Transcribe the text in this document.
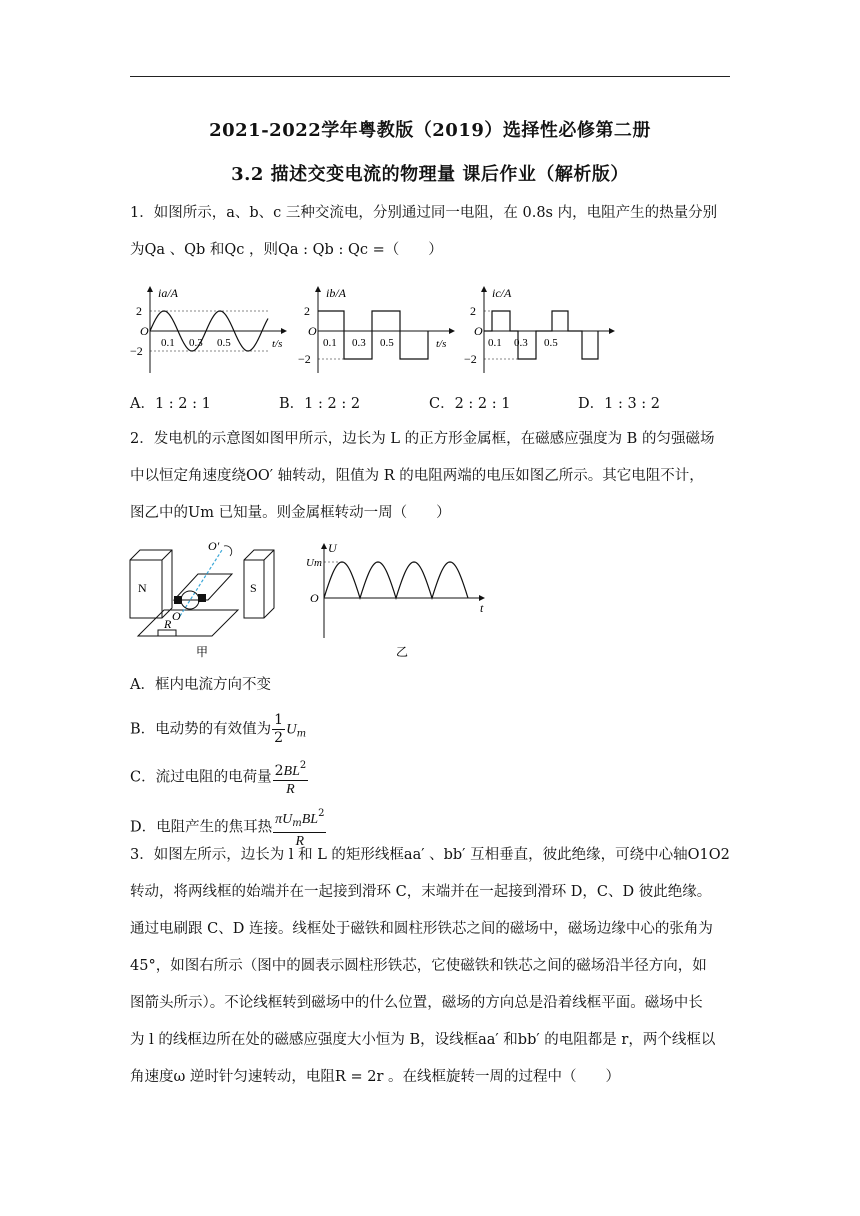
2021-2022学年粤教版（2019）选择性必修第二册
3.2 描述交变电流的物理量 课后作业（解析版）
1．如图所示，a、b、c 三种交流电，分别通过同一电阻，在 0.8s 内，电阻产生的热量分别
为Qa 、Qb 和Qc ，则Qa : Qb : Qc =（　　）
ia/A
2
O
−2
0.1 0.3 0.5	t/s
ib/A
2
O
−2
0.1 0.3 0.5	t/s
ic/A
2
O
−2
0.1 0.3 0.5
A．1 : 2 : 1	B．1 : 2 : 2	C．2 : 2 : 1	D．1 : 3 : 2
2．发电机的示意图如图甲所示，边长为 L 的正方形金属框，在磁感应强度为 B 的匀强磁场
中以恒定角速度绕OO′ 轴转动，阻值为 R 的电阻两端的电压如图乙所示。其它电阻不计，
图乙中的Um 已知量。则金属框转动一周（　　）
N	S
O′
O
R
甲
U
Um
O
t
乙
A．框内电流方向不变
B．电动势的有效值为 $\frac{1}{2} U_m$
C．流过电阻的电荷量 $\frac{2BL^2}{R}$
D．电阻产生的焦耳热 $\frac{\pi U_mBL^2}{R}$
3．如图左所示，边长为 l 和 L 的矩形线框aa′ 、bb′ 互相垂直，彼此绝缘，可绕中心轴O1O2
转动，将两线框的始端并在一起接到滑环 C，末端并在一起接到滑环 D，C、D 彼此绝缘。
通过电刷跟 C、D 连接。线框处于磁铁和圆柱形铁芯之间的磁场中，磁场边缘中心的张角为
45°，如图右所示（图中的圆表示圆柱形铁芯，它使磁铁和铁芯之间的磁场沿半径方向，如
图箭头所示）。不论线框转到磁场中的什么位置，磁场的方向总是沿着线框平面。磁场中长
为 l 的线框边所在处的磁感应强度大小恒为 B，设线框aa′ 和bb′ 的电阻都是 r，两个线框以
角速度ω 逆时针匀速转动，电阻R = 2r 。在线框旋转一周的过程中（　　）
